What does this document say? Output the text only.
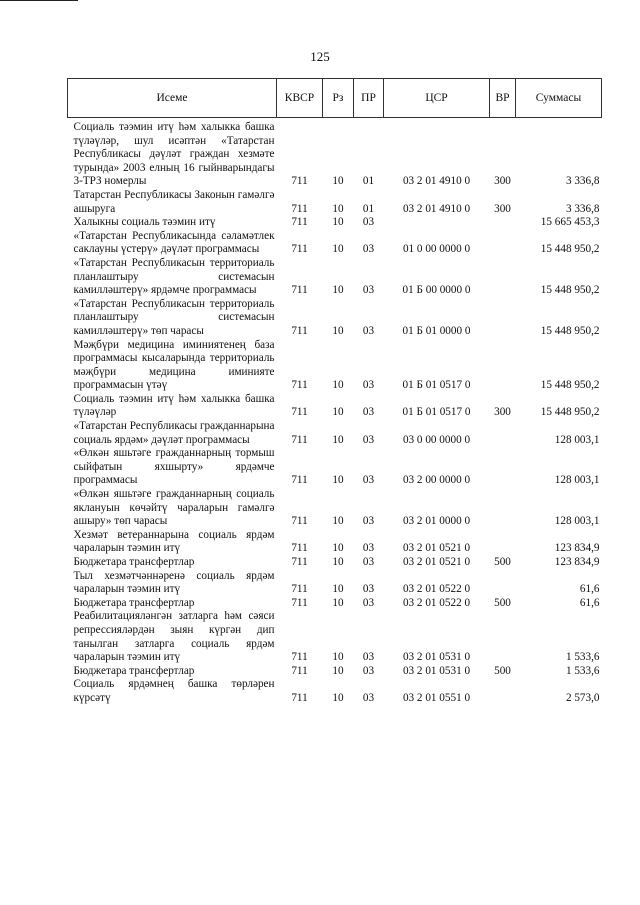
125
Исеме	КВСР	Рз	ПР	ЦСР	ВР	Суммасы
Социаль тәэмин итү һәм халыкка башка түләүләр, шул исәптән «Татарстан Республикасы дәүләт граждан хезмәте турында» 2003 елның 16 гыйнварындагы 3-ТРЗ номерлы	711	10	01	03 2 01 4910 0	300	3 336,8
Татарстан Республикасы Законын гамәлгә ашыруга	711	10	01	03 2 01 4910 0	300	3 336,8
Халыкны социаль тәэмин итү	711	10	03			15 665 453,3
«Татарстан Республикасында сәламәтлек саклауны үстерү» дәүләт программасы	711	10	03	01 0 00 0000 0		15 448 950,2
«Татарстан Республикасын территориаль планлаштыру системасын камилләштерү» ярдәмче программасы	711	10	03	01 Б 00 0000 0		15 448 950,2
«Татарстан Республикасын территориаль планлаштыру системасын камилләштерү» төп чарасы	711	10	03	01 Б 01 0000 0		15 448 950,2
Мәҗбүри медицина иминиятенең база программасы кысаларында территориаль мәҗбүри медицина иминияте программасын үтәү	711	10	03	01 Б 01 0517 0		15 448 950,2
Социаль тәэмин итү һәм халыкка башка түләүләр	711	10	03	01 Б 01 0517 0	300	15 448 950,2
«Татарстан Республикасы гражданнарына социаль ярдәм» дәүләт программасы	711	10	03	03 0 00 0000 0		128 003,1
«Өлкән яшьтәге гражданнарның тормыш сыйфатын яхшырту» ярдәмче программасы	711	10	03	03 2 00 0000 0		128 003,1
«Өлкән яшьтәге гражданнарның социаль яклануын көчәйтү чараларын гамәлгә ашыру» төп чарасы	711	10	03	03 2 01 0000 0		128 003,1
Хезмәт ветераннарына социаль ярдәм чараларын тәэмин итү	711	10	03	03 2 01 0521 0		123 834,9
Бюджетара трансфертлар	711	10	03	03 2 01 0521 0	500	123 834,9
Тыл хезмәтчәннәренә социаль ярдәм чараларын тәэмин итү	711	10	03	03 2 01 0522 0		61,6
Бюджетара трансфертлар	711	10	03	03 2 01 0522 0	500	61,6
Реабилитацияләнгән затларга һәм сәяси репрессияләрдән зыян күргән дип танылган затларга социаль ярдәм чараларын тәэмин итү	711	10	03	03 2 01 0531 0		1 533,6
Бюджетара трансфертлар	711	10	03	03 2 01 0531 0	500	1 533,6
Социаль ярдәмнең башка төрләрен күрсәтү	711	10	03	03 2 01 0551 0		2 573,0
